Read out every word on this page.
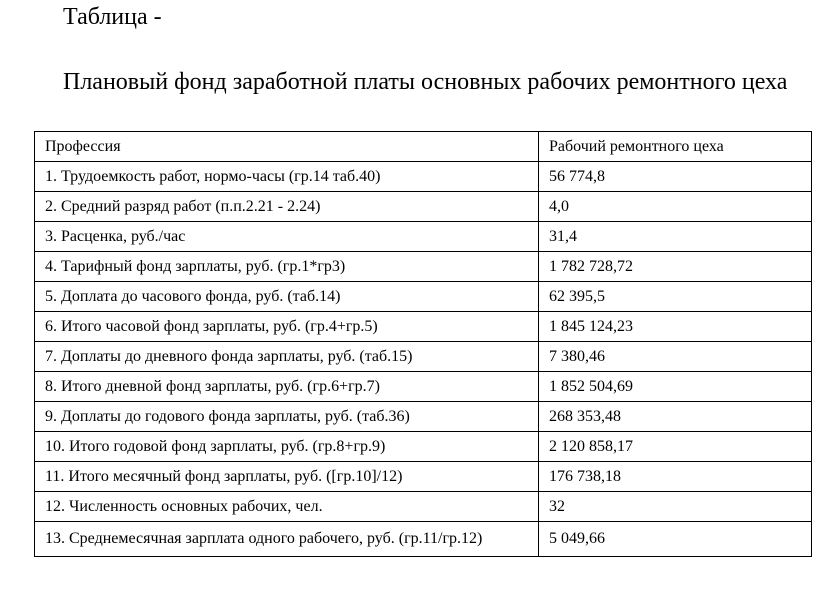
Таблица -
Плановый фонд заработной платы основных рабочих ремонтного цеха
Профессия	Рабочий ремонтного цеха
1. Трудоемкость работ, нормо-часы (гр.14 таб.40)	56 774,8
2. Средний разряд работ (п.п.2.21 - 2.24)	4,0
3. Расценка, руб./час	31,4
4. Тарифный фонд зарплаты, руб. (гр.1*гр3)	1 782 728,72
5. Доплата до часового фонда, руб. (таб.14)	62 395,5
6. Итого часовой фонд зарплаты, руб. (гр.4+гр.5)	1 845 124,23
7. Доплаты до дневного фонда зарплаты, руб. (таб.15)	7 380,46
8. Итого дневной фонд зарплаты, руб. (гр.6+гр.7)	1 852 504,69
9. Доплаты до годового фонда зарплаты, руб. (таб.36)	268 353,48
10. Итого годовой фонд зарплаты, руб. (гр.8+гр.9)	2 120 858,17
11. Итого месячный фонд зарплаты, руб. ([гр.10]/12)	176 738,18
12. Численность основных рабочих, чел.	32
13. Среднемесячная зарплата одного рабочего, руб. (гр.11/гр.12)	5 049,66
